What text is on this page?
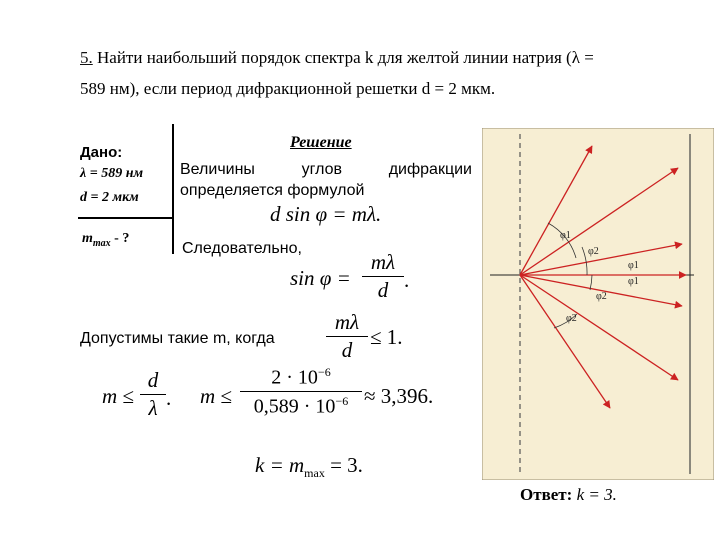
5. Найти наибольший порядок спектра k для желтой линии натрия (λ =
589 нм), если период дифракционной решетки d = 2 мкм.
Дано:
λ = 589 нм
d = 2 мкм
$m_{max}$ - ?
Решение
Величины	углов	дифракции
определяется формулой
d sin φ = mλ.
Следовательно,
sin φ =
mλ
d .
Допустимы такие m, когда
mλ
d
≤ 1.
m ≤
d
λ . m ≤
$2 \cdot 10^{-6}$
$0,589 \cdot 10^{-6} \approx 3,396$.
$k = m_{max} = 3$.
φ1
φ2
φ1
φ1
φ2
φ2
Ответ: k = 3.
